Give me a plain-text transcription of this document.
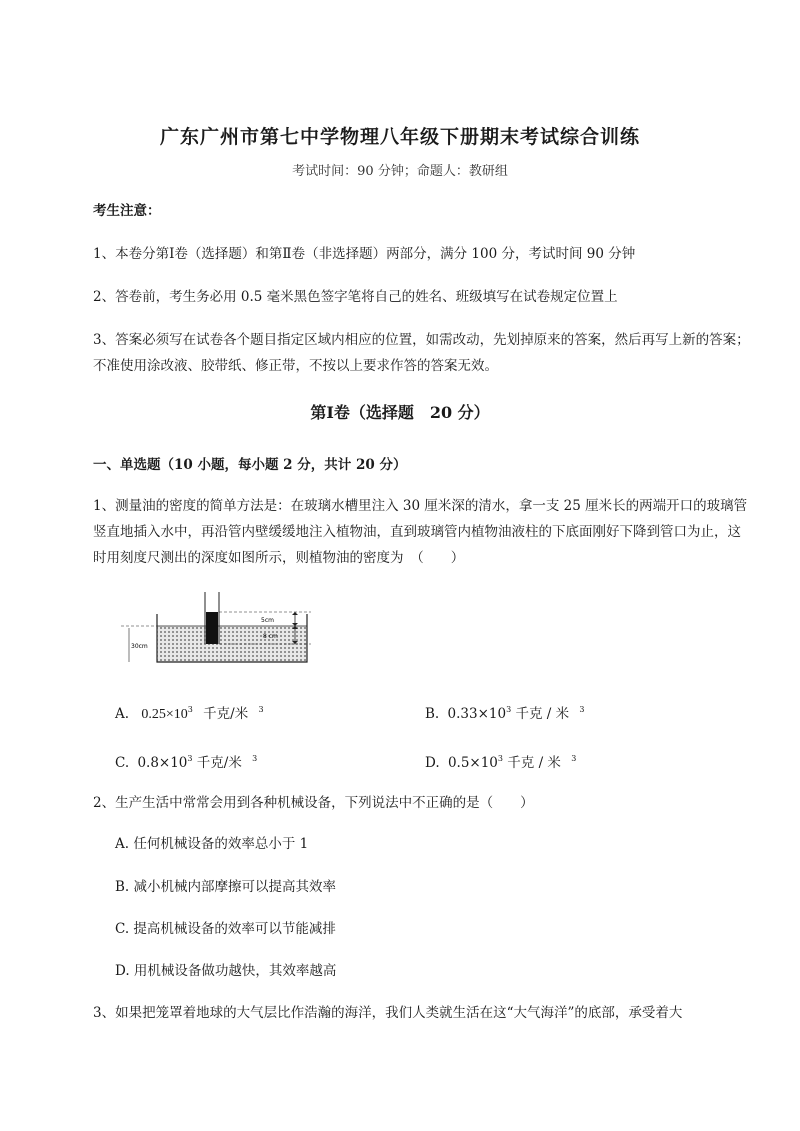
广东广州市第七中学物理八年级下册期末考试综合训练
考试时间：90 分钟；命题人：教研组
考生注意：
1、本卷分第Ⅰ卷（选择题）和第Ⅱ卷（非选择题）两部分，满分 100 分，考试时间 90 分钟
2、答卷前，考生务必用 0.5 毫米黑色签字笔将自己的姓名、班级填写在试卷规定位置上
3、答案必须写在试卷各个题目指定区域内相应的位置，如需改动，先划掉原来的答案，然后再写上新的答案；不准使用涂改液、胶带纸、修正带，不按以上要求作答的答案无效。
第Ⅰ卷（选择题　20 分）
一、单选题（10 小题，每小题 2 分，共计 20 分）
1、测量油的密度的简单方法是：在玻璃水槽里注入 30 厘米深的清水，拿一支 25 厘米长的两端开口的玻璃管竖直地插入水中，再沿管内壁缓缓地注入植物油，直到玻璃管内植物油液柱的下底面刚好下降到管口为止，这时用刻度尺测出的深度如图所示，则植物油的密度为　（　　）
30cm
5cm
8 cm
A. $0.25\times 10^3$ 千克/米 $^3$	B. $0.33\times 10^3$ 千克 / 米 $^3$
C. $0.8\times 10^3$ 千克/米 $^3$	D. $0.5\times 10^3$ 千克 / 米 $^3$
2、生产生活中常常会用到各种机械设备，下列说法中不正确的是（　　）
A. 任何机械设备的效率总小于 1
B. 减小机械内部摩擦可以提高其效率
C. 提高机械设备的效率可以节能减排
D. 用机械设备做功越快，其效率越高
3、如果把笼罩着地球的大气层比作浩瀚的海洋，我们人类就生活在这“大气海洋”的底部，承受着大
